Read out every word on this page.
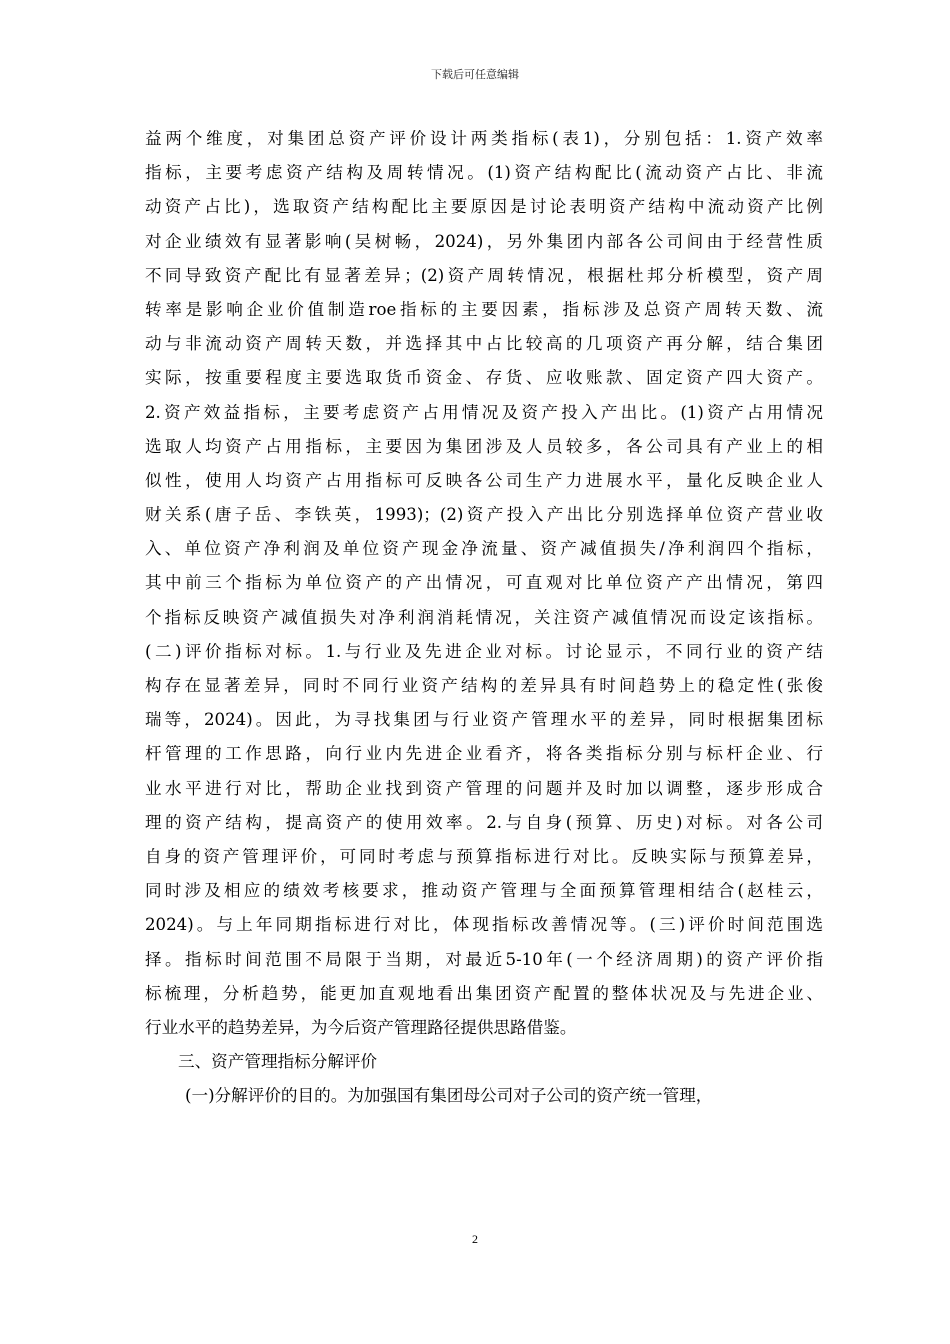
下载后可任意编辑
益两个维度，对集团总资产评价设计两类指标(表1)，分别包括：1.资产效率
指标，主要考虑资产结构及周转情况。(1)资产结构配比(流动资产占比、非流
动资产占比)，选取资产结构配比主要原因是讨论表明资产结构中流动资产比例
对企业绩效有显著影响(吴树畅，2024)，另外集团内部各公司间由于经营性质
不同导致资产配比有显著差异；(2)资产周转情况，根据杜邦分析模型，资产周
转率是影响企业价值制造roe指标的主要因素，指标涉及总资产周转天数、流
动与非流动资产周转天数，并选择其中占比较高的几项资产再分解，结合集团
实际，按重要程度主要选取货币资金、存货、应收账款、固定资产四大资产。
2.资产效益指标，主要考虑资产占用情况及资产投入产出比。(1)资产占用情况
选取人均资产占用指标，主要因为集团涉及人员较多，各公司具有产业上的相
似性，使用人均资产占用指标可反映各公司生产力进展水平，量化反映企业人
财关系(唐子岳、李铁英，1993)；(2)资产投入产出比分别选择单位资产营业收
入、单位资产净利润及单位资产现金净流量、资产减值损失/净利润四个指标，
其中前三个指标为单位资产的产出情况，可直观对比单位资产产出情况，第四
个指标反映资产减值损失对净利润消耗情况，关注资产减值情况而设定该指标。
(二)评价指标对标。1.与行业及先进企业对标。讨论显示，不同行业的资产结
构存在显著差异，同时不同行业资产结构的差异具有时间趋势上的稳定性(张俊
瑞等，2024)。因此，为寻找集团与行业资产管理水平的差异，同时根据集团标
杆管理的工作思路，向行业内先进企业看齐，将各类指标分别与标杆企业、行
业水平进行对比，帮助企业找到资产管理的问题并及时加以调整，逐步形成合
理的资产结构，提高资产的使用效率。2.与自身(预算、历史)对标。对各公司
自身的资产管理评价，可同时考虑与预算指标进行对比。反映实际与预算差异，
同时涉及相应的绩效考核要求，推动资产管理与全面预算管理相结合(赵桂云，
2024)。与上年同期指标进行对比，体现指标改善情况等。(三)评价时间范围选
择。指标时间范围不局限于当期，对最近5-10年(一个经济周期)的资产评价指
标梳理，分析趋势，能更加直观地看出集团资产配置的整体状况及与先进企业、
行业水平的趋势差异，为今后资产管理路径提供思路借鉴。
三、资产管理指标分解评价
(一)分解评价的目的。为加强国有集团母公司对子公司的资产统一管理，
2
